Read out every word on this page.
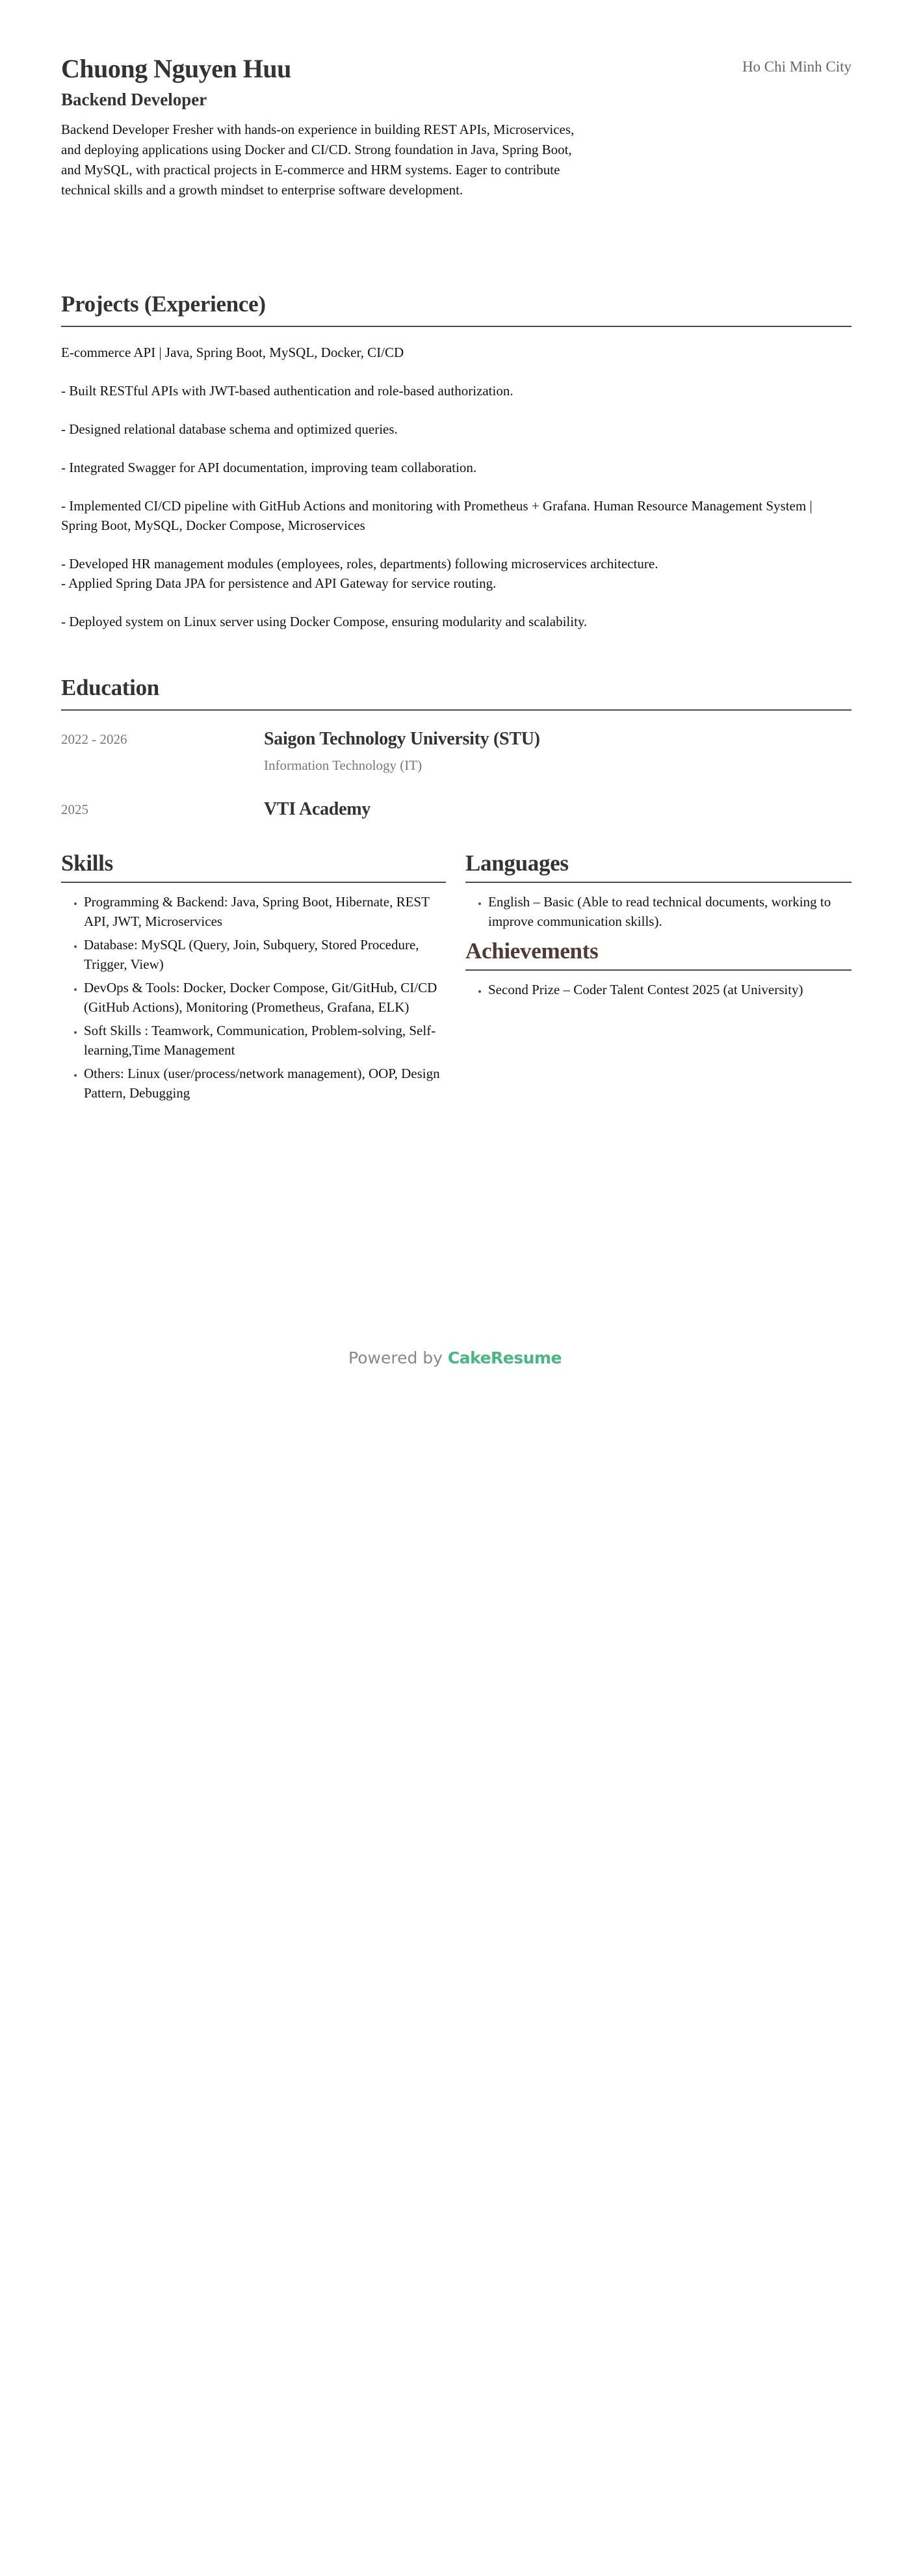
Chuong Nguyen Huu	Ho Chi Minh City
Backend Developer
Backend Developer Fresher with hands-on experience in building REST APIs, Microservices, and deploying applications using Docker and CI/CD. Strong foundation in Java, Spring Boot, and MySQL, with practical projects in E-commerce and HRM systems. Eager to contribute technical skills and a growth mindset to enterprise software development.
Projects (Experience)

E-commerce API | Java, Spring Boot, MySQL, Docker, CI/CD

- Built RESTful APIs with JWT-based authentication and role-based authorization.

- Designed relational database schema and optimized queries.

- Integrated Swagger for API documentation, improving team collaboration.

- Implemented CI/CD pipeline with GitHub Actions and monitoring with Prometheus + Grafana. Human Resource Management System | Spring Boot, MySQL, Docker Compose, Microservices

- Developed HR management modules (employees, roles, departments) following microservices architecture.

- Applied Spring Data JPA for persistence and API Gateway for service routing.

- Deployed system on Linux server using Docker Compose, ensuring modularity and scalability.

Education
2022 - 2026	Saigon Technology University (STU)
Information Technology (IT)
2025	VTI Academy
Skills
• Programming & Backend: Java, Spring Boot, Hibernate, REST API, JWT, Microservices
• Database: MySQL (Query, Join, Subquery, Stored Procedure, Trigger, View)
• DevOps & Tools: Docker, Docker Compose, Git/GitHub, CI/CD (GitHub Actions), Monitoring (Prometheus, Grafana, ELK)
• Soft Skills : Teamwork, Communication, Problem-solving, Self-learning,Time Management
• Others: Linux (user/process/network management), OOP, Design Pattern, Debugging
Languages
• English – Basic (Able to read technical documents, working to improve communication skills).
Achievements
• Second Prize – Coder Talent Contest 2025 (at University)
Powered by CakeResume
